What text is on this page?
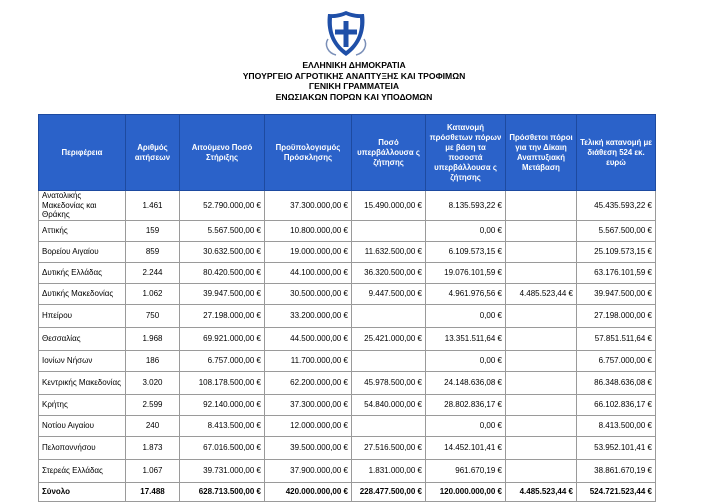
ΕΛΛΗΝΙΚΗ ΔΗΜΟΚΡΑΤΙΑ
ΥΠΟΥΡΓΕΙΟ ΑΓΡΟΤΙΚΗΣ ΑΝΑΠΤΥΞΗΣ ΚΑΙ ΤΡΟΦΙΜΩΝ
ΓΕΝΙΚΗ ΓΡΑΜΜΑΤΕΙΑ
ΕΝΩΣΙΑΚΩΝ ΠΟΡΩΝ ΚΑΙ ΥΠΟΔΟΜΩΝ
Περιφέρεια	Αριθμός αιτήσεων	Αιτούμενο Ποσό Στήριξης	Προϋπολογισμός Πρόσκλησης	Ποσό υπερβάλλουσα ς ζήτησης	Κατανομή πρόσθετων πόρων με βάση τα ποσοστά υπερβάλλουσα ς ζήτησης	Πρόσθετοι πόροι για την Δίκαιη Αναπτυξιακή Μετάβαση	Τελική κατανομή με διάθεση 524 εκ. ευρώ
Ανατολικής Μακεδονίας και Θράκης	1.461	52.790.000,00 €	37.300.000,00 €	15.490.000,00 €	8.135.593,22 €		45.435.593,22 €
Αττικής	159	5.567.500,00 €	10.800.000,00 €		0,00 €		5.567.500,00 €
Βορείου Αιγαίου	859	30.632.500,00 €	19.000.000,00 €	11.632.500,00 €	6.109.573,15 €		25.109.573,15 €
Δυτικής Ελλάδας	2.244	80.420.500,00 €	44.100.000,00 €	36.320.500,00 €	19.076.101,59 €		63.176.101,59 €
Δυτικής Μακεδονίας	1.062	39.947.500,00 €	30.500.000,00 €	9.447.500,00 €	4.961.976,56 €	4.485.523,44 €	39.947.500,00 €
Ηπείρου	750	27.198.000,00 €	33.200.000,00 €		0,00 €		27.198.000,00 €
Θεσσαλίας	1.968	69.921.000,00 €	44.500.000,00 €	25.421.000,00 €	13.351.511,64 €		57.851.511,64 €
Ιονίων Νήσων	186	6.757.000,00 €	11.700.000,00 €		0,00 €		6.757.000,00 €
Κεντρικής Μακεδονίας	3.020	108.178.500,00 €	62.200.000,00 €	45.978.500,00 €	24.148.636,08 €		86.348.636,08 €
Κρήτης	2.599	92.140.000,00 €	37.300.000,00 €	54.840.000,00 €	28.802.836,17 €		66.102.836,17 €
Νοτίου Αιγαίου	240	8.413.500,00 €	12.000.000,00 €		0,00 €		8.413.500,00 €
Πελοποννήσου	1.873	67.016.500,00 €	39.500.000,00 €	27.516.500,00 €	14.452.101,41 €		53.952.101,41 €
Στερεάς Ελλάδας	1.067	39.731.000,00 €	37.900.000,00 €	1.831.000,00 €	961.670,19 €		38.861.670,19 €
Σύνολο	17.488	628.713.500,00 €	420.000.000,00 €	228.477.500,00 €	120.000.000,00 €	4.485.523,44 €	524.721.523,44 €
